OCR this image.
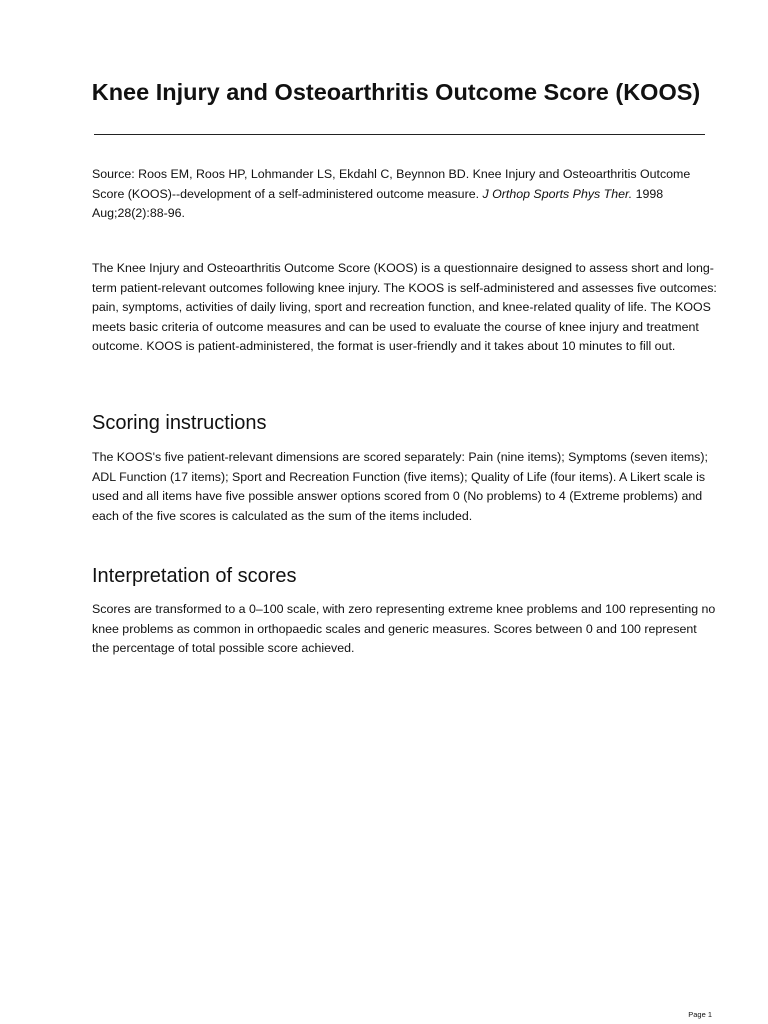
Knee Injury and Osteoarthritis Outcome Score (KOOS)

Source: Roos EM, Roos HP, Lohmander LS, Ekdahl C, Beynnon BD. Knee Injury and Osteoarthritis Outcome Score (KOOS)--development of a self-administered outcome measure. J Orthop Sports Phys Ther. 1998 Aug;28(2):88-96.

The Knee Injury and Osteoarthritis Outcome Score (KOOS) is a questionnaire designed to assess short and long-term patient-relevant outcomes following knee injury. The KOOS is self-administered and assesses five outcomes: pain, symptoms, activities of daily living, sport and recreation function, and knee-related quality of life. The KOOS meets basic criteria of outcome measures and can be used to evaluate the course of knee injury and treatment outcome. KOOS is patient-administered, the format is user-friendly and it takes about 10 minutes to fill out.

Scoring instructions

The KOOS's five patient-relevant dimensions are scored separately: Pain (nine items); Symptoms (seven items); ADL Function (17 items); Sport and Recreation Function (five items); Quality of Life (four items). A Likert scale is used and all items have five possible answer options scored from 0 (No problems) to 4 (Extreme problems) and each of the five scores is calculated as the sum of the items included.

Interpretation of scores

Scores are transformed to a 0–100 scale, with zero representing extreme knee problems and 100 representing no knee problems as common in orthopaedic scales and generic measures. Scores between 0 and 100 represent the percentage of total possible score achieved.

Page 1
